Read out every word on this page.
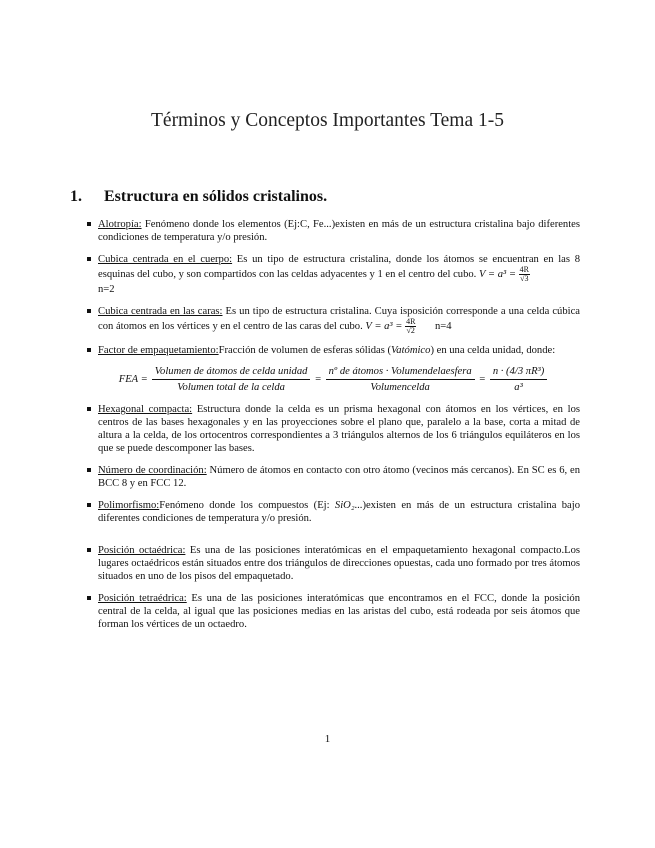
Términos y Conceptos Importantes Tema 1-5
1. Estructura en sólidos cristalinos.
Alotropía: Fenómeno donde los elementos (Ej:C, Fe...)existen en más de un estructura cristalina bajo diferentes condiciones de temperatura y/o presión.
Cubica centrada en el cuerpo: Es un tipo de estructura cristalina, donde los átomos se encuentran en las 8 esquinas del cubo, y son compartidos con las celdas adyacentes y 1 en el centro del cubo. $V = a^3 = \frac{4R}{√3}$

n=2
Cubica centrada en las caras: Es un tipo de estructura cristalina. Cuya isposición corresponde a una celda cúbica con átomos en los vértices y en el centro de las caras del cubo. $V = a^3 = \frac{4R}{√2} n=4$
Factor de empaquetamiento:Fracción de volumen de esferas sólidas (Vatómico) en una celda unidad, donde:
FEA =
Volumen de átomos de celda unidad
Volumen total de la celda
=
nº de átomos · Volumendelaesfera
Volumencelda
= $\frac{\text{n · (4/3 πR³)}}{\text{a³}}$
Hexagonal compacta: Estructura donde la celda es un prisma hexagonal con átomos en los vértices, en los centros de las bases hexagonales y en las proyecciones sobre el plano que, paralelo a la base, corta a mitad de altura a la celda, de los ortocentros correspondientes a 3 triángulos alternos de los 6 triángulos equiláteros en los que se puede descomponer las bases.
Número de coordinación: Número de átomos en contacto con otro átomo (vecinos más cercanos). En SC es 6, en BCC 8 y en FCC 12.
Polimorfismo:Fenómeno donde los compuestos (Ej: SiO₂...)existen en más de un estructura cristalina bajo diferentes condiciones de temperatura y/o presión.
Posición octaédrica: Es una de las posiciones interatómicas en el empaquetamiento hexagonal compacto.Los lugares octaédricos están situados entre dos triángulos de direcciones opuestas, cada uno formado por tres átomos situados en uno de los pisos del empaquetado.
Posición tetraédrica: Es una de las posiciones interatómicas que encontramos en el FCC, donde la posición central de la celda, al igual que las posiciones medias en las aristas del cubo, está rodeada por seis átomos que forman los vértices de un octaedro.
1
